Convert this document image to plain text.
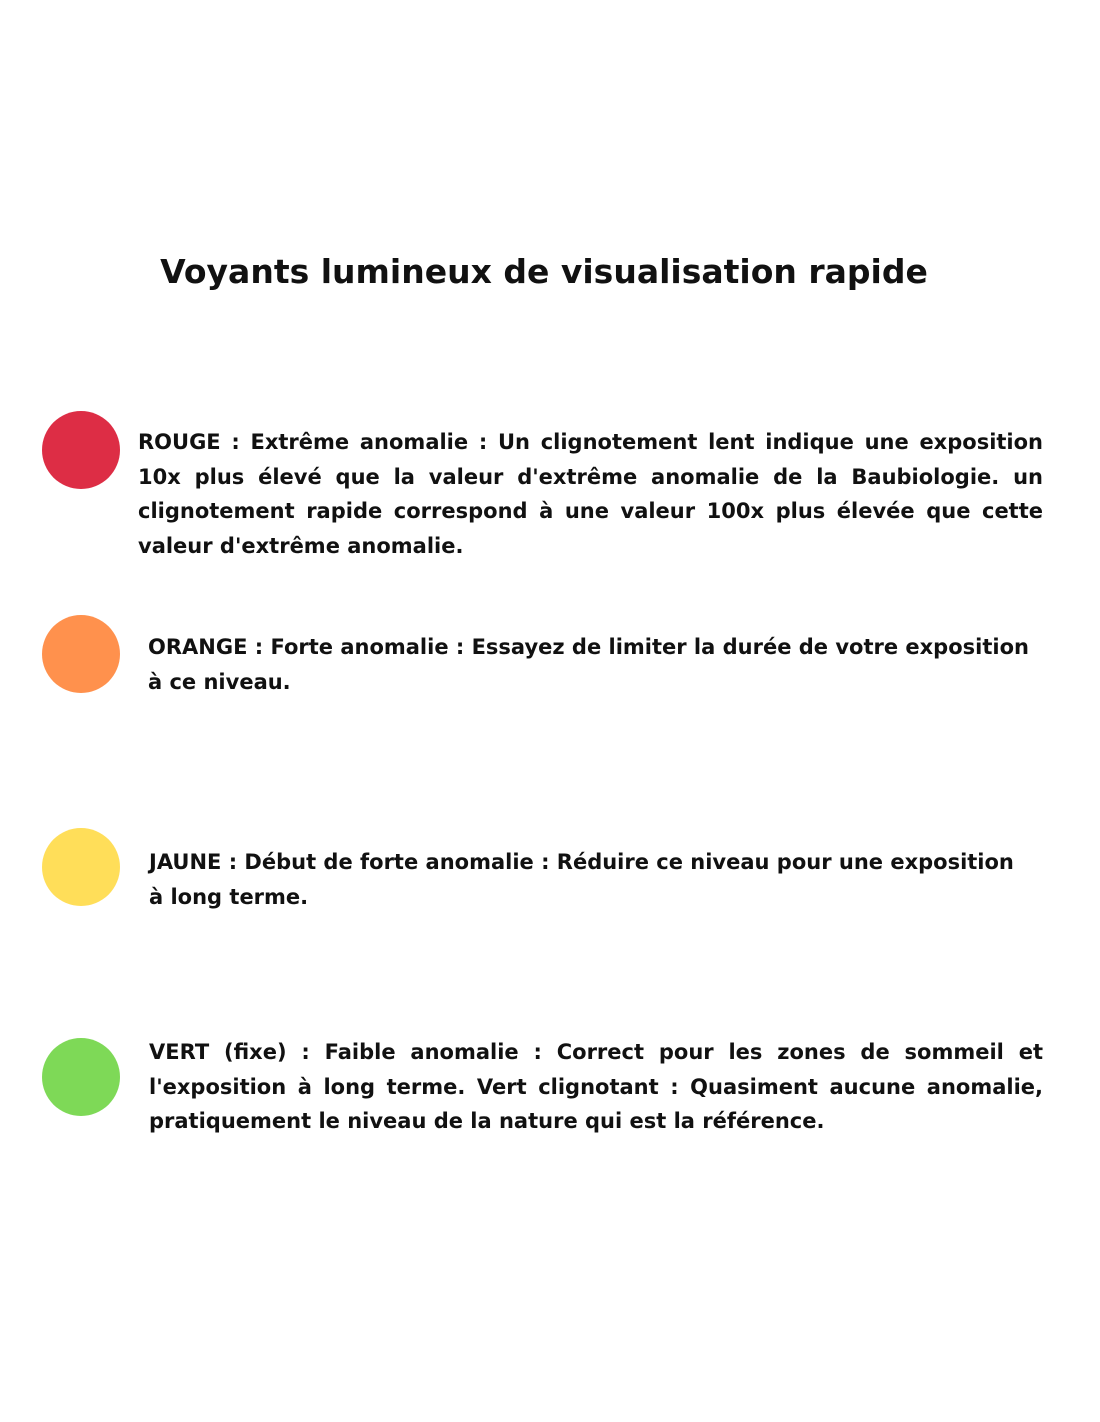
Voyants lumineux de visualisation rapide

ROUGE : Extrême anomalie : Un clignotement lent indique une exposition 10x plus élevé que la valeur d'extrême anomalie de la Baubiologie. un clignotement rapide correspond à une valeur 100x plus élevée que cette valeur d'extrême anomalie.

ORANGE : Forte anomalie : Essayez de limiter la durée de votre exposition à ce niveau.

JAUNE : Début de forte anomalie : Réduire ce niveau pour une exposition à long terme.

VERT (fixe) : Faible anomalie : Correct pour les zones de sommeil et l'exposition à long terme. Vert clignotant : Quasiment aucune anomalie, pratiquement le niveau de la nature qui est la référence.
